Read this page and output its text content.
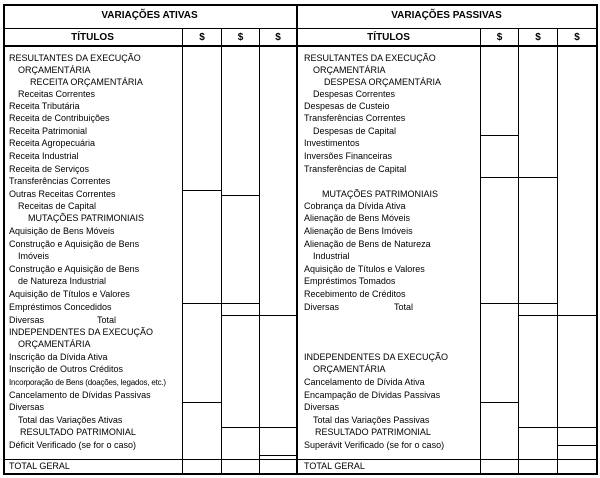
VARIAÇÕES ATIVAS	VARIAÇÕES PASSIVAS
TÍTULOS	$	$	$	TÍTULOS	$	$	$
RESULTANTES DA EXECUÇÃO
ORÇAMENTÁRIA
RECEITA ORÇAMENTÁRIA
Receitas Correntes
Receita Tributária
Receita de Contribuições
Receita Patrimonial
Receita Agropecuária
Receita Industrial
Receita de Serviços
Transferências Correntes
Outras Receitas Correntes
Receitas de Capital
MUTAÇÕES PATRIMONIAIS
Aquisição de Bens Móveis
Construção e Aquisição de Bens
Imóveis
Construção e Aquisição de Bens
de Natureza Industrial
Aquisição de Títulos e Valores
Empréstimos Concedidos
Diversas	Total
INDEPENDENTES DA EXECUÇÃO
ORÇAMENTÁRIA
Inscrição da Dívida Ativa
Inscrição de Outros Créditos
Incorporação de Bens (doações, legados, etc.)
Cancelamento de Dívidas Passivas
Diversas
Total das Variações Ativas
RESULTADO PATRIMONIAL
Déficit Verificado (se for o caso)
TOTAL GERAL
RESULTANTES DA EXECUÇÃO
ORÇAMENTÁRIA
DESPESA ORÇAMENTÁRIA
Despesas Correntes
Despesas de Custeio
Transferências Correntes
Despesas de Capital
Investimentos
Inversões Financeiras
Transferências de Capital
MUTAÇÕES PATRIMONIAIS
Cobrança da Dívida Ativa
Alienação de Bens Móveis
Alienação de Bens Imóveis
Alienação de Bens de Natureza
Industrial
Aquisição de Títulos e Valores
Empréstimos Tomados
Recebimento de Créditos
Diversas	Total
INDEPENDENTES DA EXECUÇÃO
ORÇAMENTÁRIA
Cancelamento de Dívida Ativa
Encampação de Dívidas Passivas
Diversas
Total das Variações Passivas
RESULTADO PATRIMONIAL
Superávit Verificado (se for o caso)
TOTAL GERAL
